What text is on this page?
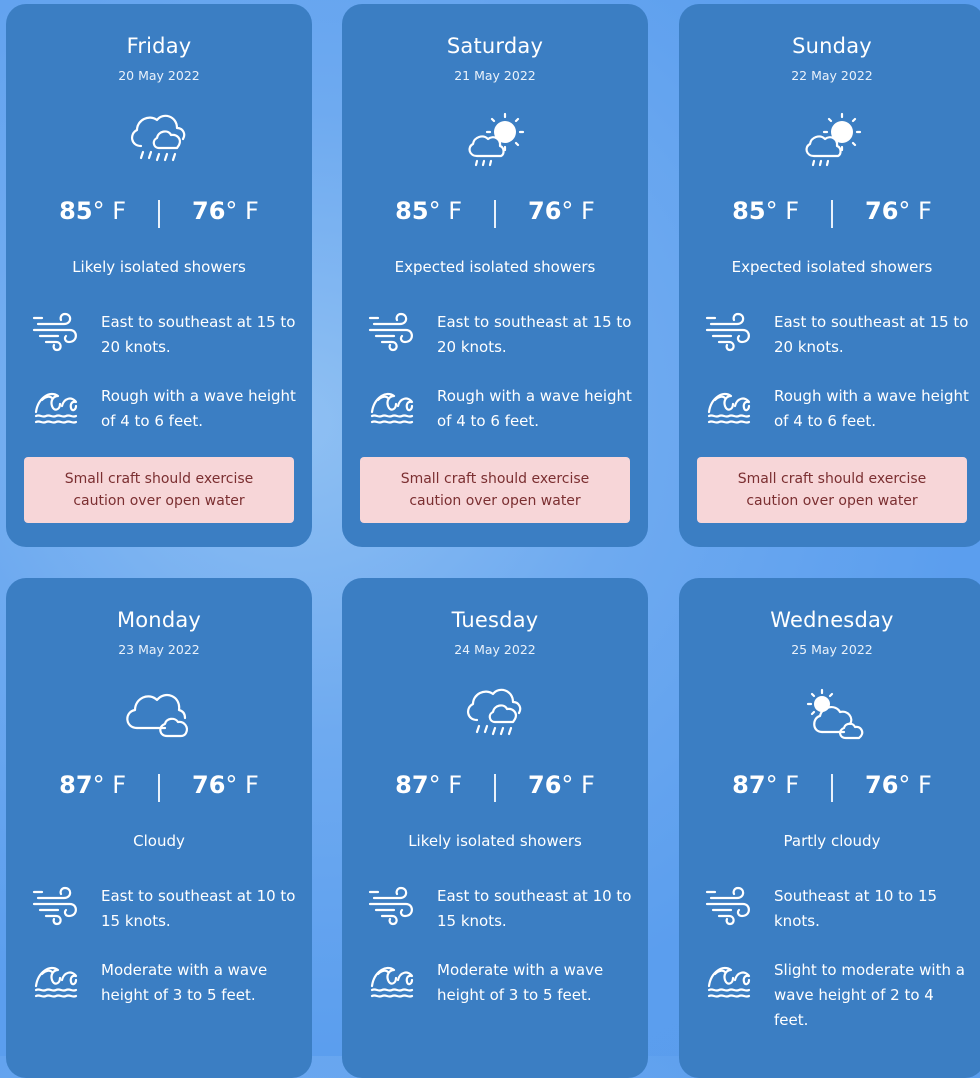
Friday
20 May 2022
85° F	76° F
Likely isolated showers
East to southeast at 15 to 20 knots.
Rough with a wave height of 4 to 6 feet.
Small craft should exercise caution over open water
Saturday
21 May 2022
85° F	76° F
Expected isolated showers
East to southeast at 15 to 20 knots.
Rough with a wave height of 4 to 6 feet.
Small craft should exercise caution over open water
Sunday
22 May 2022
85° F	76° F
Expected isolated showers
East to southeast at 15 to 20 knots.
Rough with a wave height of 4 to 6 feet.
Small craft should exercise caution over open water
Monday
23 May 2022
87° F	76° F
Cloudy
East to southeast at 10 to 15 knots.
Moderate with a wave height of 3 to 5 feet.
Tuesday
24 May 2022
87° F	76° F
Likely isolated showers
East to southeast at 10 to 15 knots.
Moderate with a wave height of 3 to 5 feet.
Wednesday
25 May 2022
87° F	76° F
Partly cloudy
Southeast at 10 to 15 knots.
Slight to moderate with a wave height of 2 to 4 feet.
